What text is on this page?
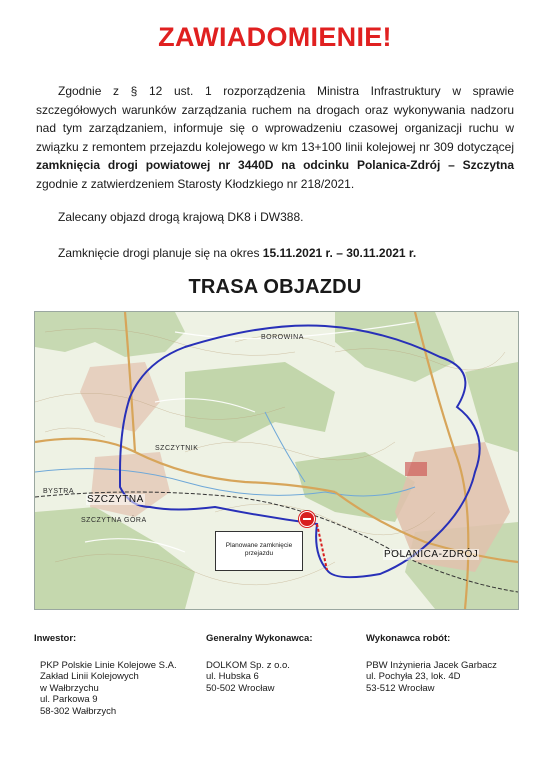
ZAWIADOMIENIE!
Zgodnie z § 12 ust. 1 rozporządzenia Ministra Infrastruktury w sprawie szczegółowych warunków zarządzania ruchem na drogach oraz wykonywania nadzoru nad tym zarządzaniem, informuje się o wprowadzeniu czasowej organizacji ruchu w związku z remontem przejazdu kolejowego w km 13+100 linii kolejowej nr 309 dotyczącej zamknięcia drogi powiatowej nr 3440D na odcinku Polanica-Zdrój – Szczytna zgodnie z zatwierdzeniem Starosty Kłodzkiego nr 218/2021.
Zalecany objazd drogą krajową DK8 i DW388.
Zamknięcie drogi planuje się na okres 15.11.2021 r. – 30.11.2021 r.
TRASA OBJAZDU
BOROWINA
SZCZYTNIK
BYSTRA
SZCZYTNA
SZCZYTNA GÓRA
POLANICA-ZDRÓJ
Planowane zamknięcie
przejazdu
Inwestor:
PKP Polskie Linie Kolejowe S.A.
Zakład Linii Kolejowych
w Wałbrzychu
ul. Parkowa 9
58-302 Wałbrzych
Generalny Wykonawca:
DOLKOM Sp. z o.o.
ul. Hubska 6
50-502 Wrocław
Wykonawca robót:
PBW Inżynieria Jacek Garbacz
ul. Pochyła 23, lok. 4D
53-512 Wrocław
